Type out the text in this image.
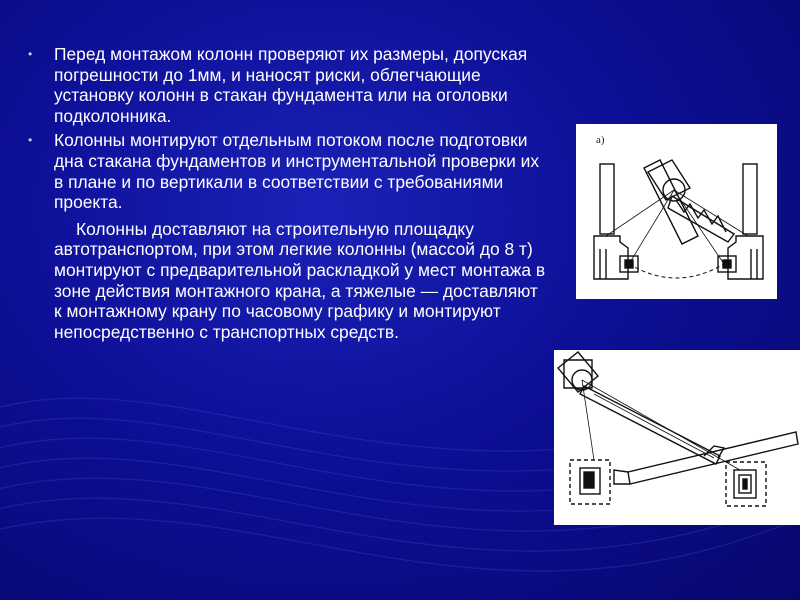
• Перед монтажом колонн проверяют их размеры, допуская погрешности до 1мм, и наносят риски, облегчающие установку колонн в стакан фундамента или на оголовки подколонника.
• Колонны монтируют отдельным потоком после подготовки дна стакана фундаментов и инструментальной проверки их в плане и по вертикали в соответствии с требованиями проекта.
Колонны доставляют на строительную площадку автотранспортом, при этом легкие колонны (массой до 8 т) монтируют с предварительной раскладкой у мест монтажа в зоне действия монтажного крана, а тяжелые — доставляют к монтажному крану по часовому графику и монтируют непосредственно с транспортных средств.
а)
